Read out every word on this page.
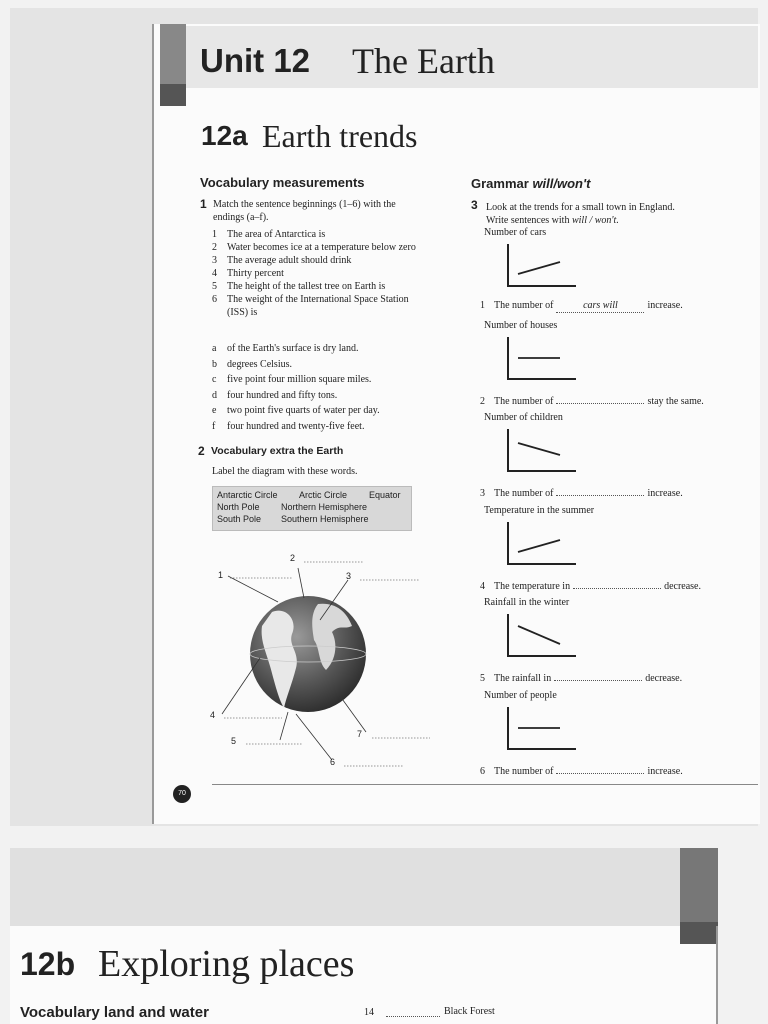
Unit 12 The Earth
12a Earth trends
Vocabulary measurements
1 Match the sentence beginnings (1–6) with the
endings (a–f).
1	The area of Antarctica is
2	Water becomes ice at a temperature below zero
3	The average adult should drink
4	Thirty percent
5	The height of the tallest tree on Earth is
6	The weight of the International Space Station
(ISS) is
a	of the Earth's surface is dry land.
b	degrees Celsius.
c	five point four million square miles.
d	four hundred and fifty tons.
e	two point five quarts of water per day.
f	four hundred and twenty-five feet.
2 Vocabulary extra the Earth
Label the diagram with these words.
Antarctic Circle Arctic Circle Equator
North Pole Northern Hemisphere
South Pole Southern Hemisphere
1
2
3
4
5
6
7
Grammar will/won't
3 Look at the trends for a small town in England.
Write sentences with will / won't.
Number of cars
1 The number of	cars will	increase.
Number of houses
2 The number of	stay the same.
Number of children
3 The number of	increase.
Temperature in the summer
4 The temperature in	decrease.
Rainfall in the winter
5 The rainfall in	decrease.
Number of people
6 The number of	increase.
70
12b Exploring places
Vocabulary land and water	14	Black Forest
